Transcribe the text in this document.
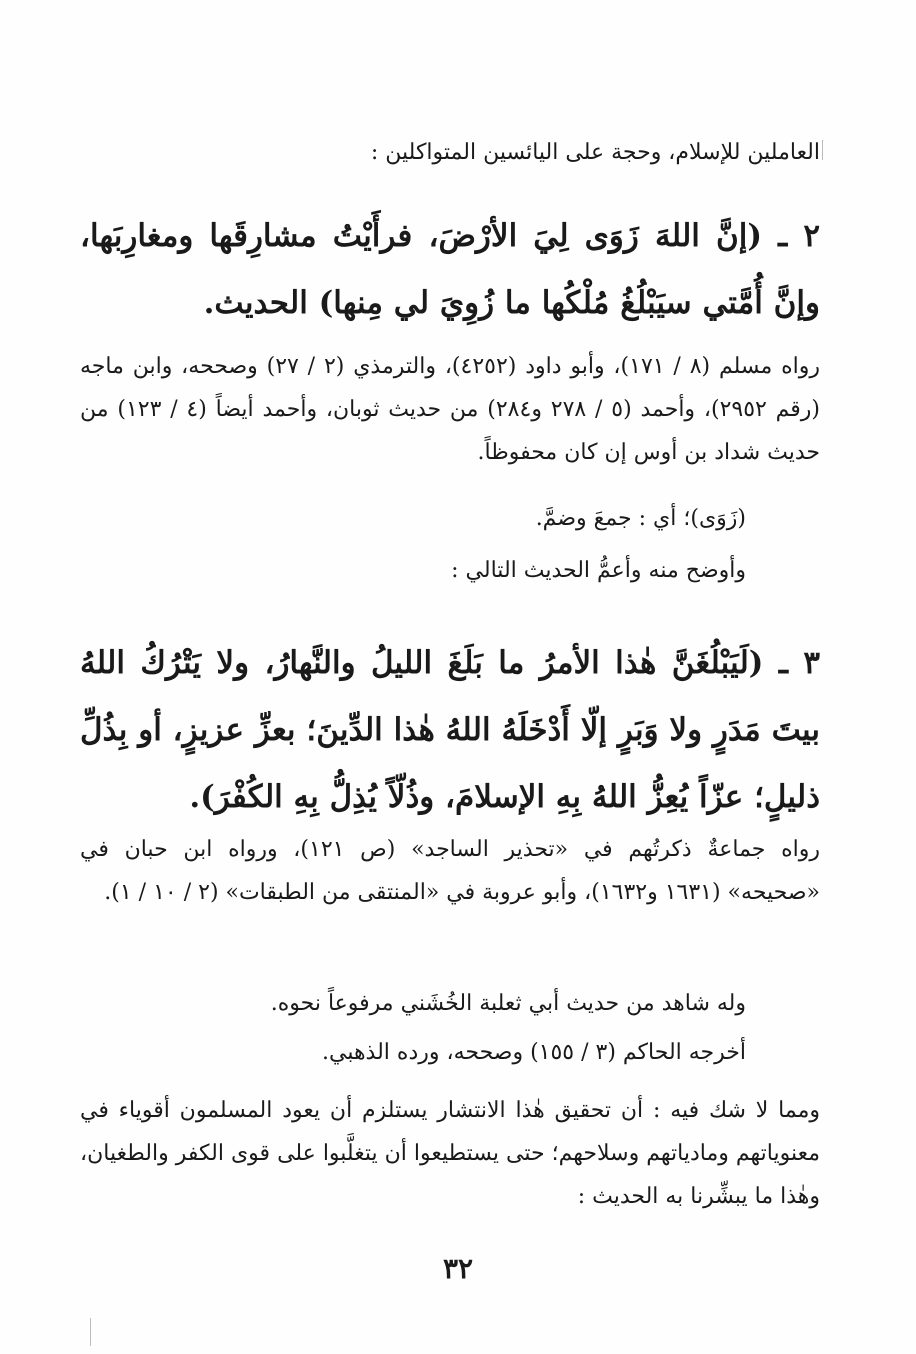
العاملين للإسلام، وحجة على اليائسين المتواكلين :
٢ ـ (إنَّ اللهَ زَوَى لِيَ الأرْضَ، فرأَيْتُ مشارِقَها ومغارِبَها، وإنَّ أُمَّتي سيَبْلُغُ مُلْكُها ما زُوِيَ لي مِنها) الحديث.
رواه مسلم (٨ / ١٧١)، وأبو داود (٤٢٥٢)، والترمذي (٢ / ٢٧) وصححه، وابن ماجه (رقم ٢٩٥٢)، وأحمد (٥ / ٢٧٨ و٢٨٤) من حديث ثوبان، وأحمد أيضاً (٤ / ١٢٣) من حديث شداد بن أوس إن كان محفوظاً.
(زَوَى)؛ أي : جمعَ وضمَّ.
وأوضح منه وأعمُّ الحديث التالي :
٣ ـ (لَيَبْلُغَنَّ هٰذا الأمرُ ما بَلَغَ الليلُ والنَّهارُ، ولا يَتْرُكُ اللهُ بيتَ مَدَرٍ ولا وَبَرٍ إلّا أَدْخَلَهُ اللهُ هٰذا الدِّينَ؛ بعزِّ عزيزٍ، أو بِذُلِّ ذليلٍ؛ عزّاً يُعِزُّ اللهُ بِهِ الإسلامَ، وذُلّاً يُذِلُّ بِهِ الكُفْرَ).
رواه جماعةٌ ذكرتُهم في «تحذير الساجد» (ص ١٢١)، ورواه ابن حبان في «صحيحه» (١٦٣١ و١٦٣٢)، وأبو عروبة في «المنتقى من الطبقات» (٢ / ١٠ / ١).
وله شاهد من حديث أبي ثعلبة الخُشَني مرفوعاً نحوه.
أخرجه الحاكم (٣ / ١٥٥) وصححه، ورده الذهبي.
ومما لا شك فيه : أن تحقيق هٰذا الانتشار يستلزم أن يعود المسلمون أقوياء في معنوياتهم ومادياتهم وسلاحهم؛ حتى يستطيعوا أن يتغلَّبوا على قوى الكفر والطغيان، وهٰذا ما يبشِّرنا به الحديث :
٣٢
